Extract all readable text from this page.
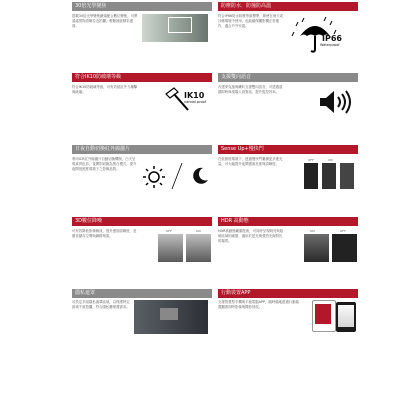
30倍光學變焦
搭載30倍光學變焦鏡頭配合數位變焦，可將遠處景物清晰拉近拍攝，輕鬆捕捉精彩畫面。
防塵防水．防撞防高溫
符合IP66防水防塵等級標準，即使在雨天或沙塵環境中使用，也能確保攝影機正常運作，適合戶外安裝。
IP66
Waterproof
符合IK10防破壞等級
符合IK10防破壞等級，可有效抵抗外力撞擊與破壞。	IK10
vandal proof
支援雙向語音
內建麥克風與喇叭支援雙向語音，可透過遠端即時與現場人員對話，提升監控效率。
日夜自動切換紅外線濾片
利用ICR紅外線濾片自動切換機制，白天呈現真實色彩，夜間則切換為黑白模式，提升夜間低照度環境下之影像品質。
Sense Up+慢快門
在低照度環境下，透過慢快門累積更多進光量，可大幅提升夜間畫面亮度與清晰度。
OFF	ON
3D數位降噪
可有效降低影像雜訊，提升畫面清晰度，並節省儲存空間與網路頻寬。
OFF	ON
HDR 高動態
HDR高動態範圍技術，可同時呈現明亮與陰暗區域的細節，適用於逆光與強烈光線對比的場景。
ON	OFF
隱私遮罩
可設定多組隱私遮罩區域，以保護特定區域不被拍攝，符合隱私權保護需求。
行動裝置APP
支援智慧型手機與平板電腦APP，隨時隨地透過行動裝置觀看即時影像與錄影回放。
